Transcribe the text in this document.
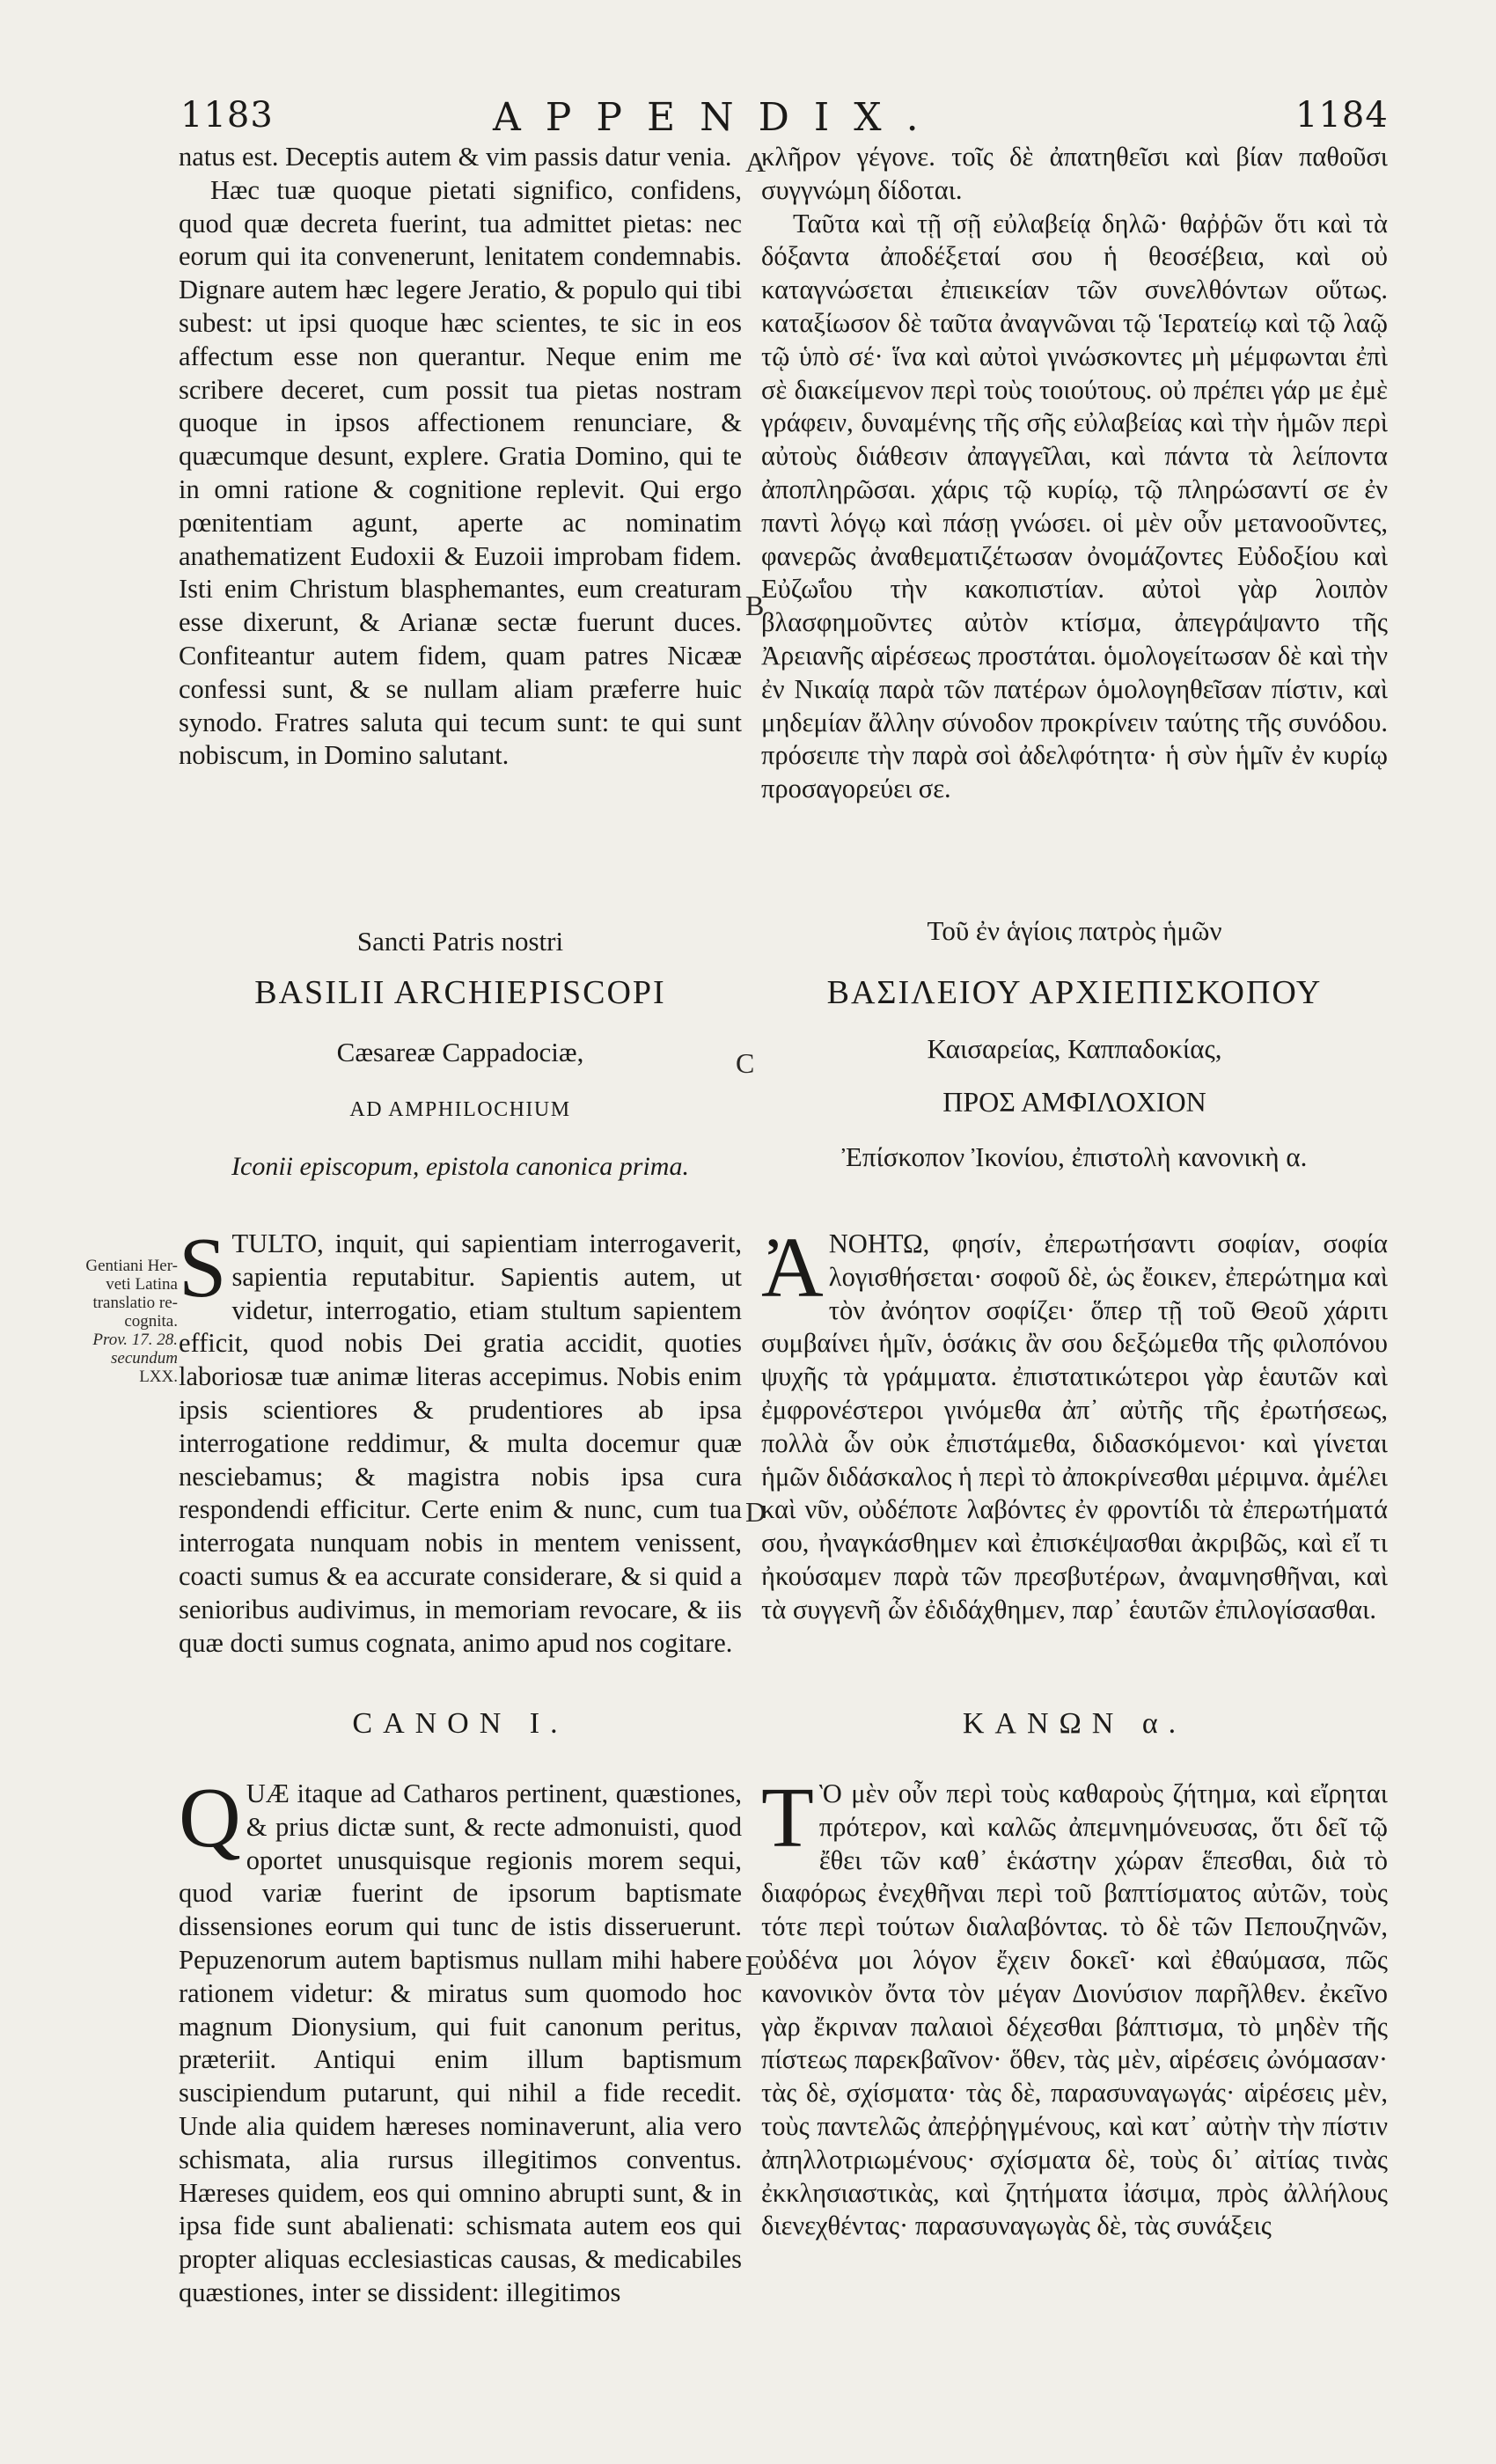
1183	APPENDIX.	1184
A
B
C
D
E

natus est. Deceptis autem & vim passis datur venia.

Hæc tuæ quoque pietati significo, confidens, quod quæ decreta fuerint, tua admittet pietas: nec eorum qui ita convenerunt, lenitatem condemnabis. Dignare autem hæc legere Jeratio, & populo qui tibi subest: ut ipsi quoque hæc scientes, te sic in eos affectum esse non querantur. Neque enim me scribere deceret, cum possit tua pietas nostram quoque in ipsos affectionem renunciare, & quæcumque desunt, explere. Gratia Domino, qui te in omni ratione & cognitione replevit. Qui ergo pœnitentiam agunt, aperte ac nominatim anathematizent Eudoxii & Euzoii improbam fidem. Isti enim Christum blasphemantes, eum creaturam esse dixerunt, & Arianæ sectæ fuerunt duces. Confiteantur autem fidem, quam patres Nicææ confessi sunt, & se nullam aliam præferre huic synodo. Fratres saluta qui tecum sunt: te qui sunt nobiscum, in Domino salutant.

κλῆρον γέγονε. τοῖς δὲ ἀπατηθεῖσι καὶ βίαν παθοῦσι συγγνώμη δίδοται.

Ταῦτα καὶ τῇ σῇ εὐλαβείᾳ δηλῶ· θαῤῥῶν ὅτι καὶ τὰ δόξαντα ἀποδέξεταί σου ἡ θεοσέβεια, καὶ οὐ καταγνώσεται ἐπιεικείαν τῶν συνελθόντων οὕτως. καταξίωσον δὲ ταῦτα ἀναγνῶναι τῷ Ἱερατείῳ καὶ τῷ λαῷ τῷ ὑπὸ σέ· ἵνα καὶ αὐτοὶ γινώσκοντες μὴ μέμφωνται ἐπὶ σὲ διακείμενον περὶ τοὺς τοιούτους. οὐ πρέπει γάρ με ἐμὲ γράφειν, δυναμένης τῆς σῆς εὐλαβείας καὶ τὴν ἡμῶν περὶ αὐτοὺς διάθεσιν ἀπαγγεῖλαι, καὶ πάντα τὰ λείποντα ἀποπληρῶσαι. χάρις τῷ κυρίῳ, τῷ πληρώσαντί σε ἐν παντὶ λόγῳ καὶ πάσῃ γνώσει. οἱ μὲν οὖν μετανοοῦντες, φανερῶς ἀναθεματιζέτωσαν ὀνομάζοντες Εὐδοξίου καὶ Εὐζωΐου τὴν κακοπιστίαν. αὐτοὶ γὰρ λοιπὸν βλασφημοῦντες αὐτὸν κτίσμα, ἀπεγράψαντο τῆς Ἀρειανῆς αἱρέσεως προστάται. ὁμολογείτωσαν δὲ καὶ τὴν ἐν Νικαίᾳ παρὰ τῶν πατέρων ὁμολογηθεῖσαν πίστιν, καὶ μηδεμίαν ἄλλην σύνοδον προκρίνειν ταύτης τῆς συνόδου. πρόσειπε τὴν παρὰ σοὶ ἀδελφότητα· ἡ σὺν ἡμῖν ἐν κυρίῳ προσαγορεύει σε.

Sancti Patris nostri
BASILII ARCHIEPISCOPI
Cæsareæ Cappadociæ,
AD AMPHILOCHIUM
Iconii episcopum, epistola canonica prima.
Τοῦ ἐν ἁγίοις πατρὸς ἡμῶν
ΒΑΣΙΛΕΙΟΥ ΑΡΧΙΕΠΙΣΚΟΠΟΥ
Καισαρείας, Καππαδοκίας,
ΠΡΟΣ ΑΜΦΙΛΟΧΙΟΝ
Ἐπίσκοπον Ἰκονίου, ἐπιστολὴ κανονικὴ α.
Gentiani Her-
veti Latina
translatio re-
cognita.
Prov. 17. 28.
secundum
LXX.
S TULTO, inquit, qui sapientiam interrogaverit, sapientia reputabitur. Sapientis autem, ut videtur, interrogatio, etiam stultum sapientem efficit, quod nobis Dei gratia accidit, quoties laboriosæ tuæ animæ literas accepimus. Nobis enim ipsis scientiores & prudentiores ab ipsa interrogatione reddimur, & multa docemur quæ nesciebamus; & magistra nobis ipsa cura respondendi efficitur. Certe enim & nunc, cum tua interrogata nunquam nobis in mentem venissent, coacti sumus & ea accurate considerare, & si quid a senioribus audivimus, in memoriam revocare, & iis quæ docti sumus cognata, animo apud nos cogitare.
Ἀ ΝΟΗΤΩ, φησίν, ἐπερωτήσαντι σοφίαν, σοφία λογισθήσεται· σοφοῦ δὲ, ὡς ἔοικεν, ἐπερώτημα καὶ τὸν ἀνόητον σοφίζει· ὅπερ τῇ τοῦ Θεοῦ χάριτι συμβαίνει ἡμῖν, ὁσάκις ἂν σου δεξώμεθα τῆς φιλοπόνου ψυχῆς τὰ γράμματα. ἐπιστατικώτεροι γὰρ ἑαυτῶν καὶ ἐμφρονέστεροι γινόμεθα ἀπ᾽ αὐτῆς τῆς ἐρωτήσεως, πολλὰ ὧν οὐκ ἐπιστάμεθα, διδασκόμενοι· καὶ γίνεται ἡμῶν διδάσκαλος ἡ περὶ τὸ ἀποκρίνεσθαι μέριμνα. ἀμέλει καὶ νῦν, οὐδέποτε λαβόντες ἐν φροντίδι τὰ ἐπερωτήματά σου, ἠναγκάσθημεν καὶ ἐπισκέψασθαι ἀκριβῶς, καὶ εἴ τι ἠκούσαμεν παρὰ τῶν πρεσβυτέρων, ἀναμνησθῆναι, καὶ τὰ συγγενῆ ὧν ἐδιδάχθημεν, παρ᾽ ἑαυτῶν ἐπιλογίσασθαι.
CANON I.	ΚΑΝΩΝ α.
Q UÆ itaque ad Catharos pertinent, quæstiones, & prius dictæ sunt, & recte admonuisti, quod oportet unusquisque regionis morem sequi, quod variæ fuerint de ipsorum baptismate dissensiones eorum qui tunc de istis disseruerunt. Pepuzenorum autem baptismus nullam mihi habere rationem videtur: & miratus sum quomodo hoc magnum Dionysium, qui fuit canonum peritus, præteriit. Antiqui enim illum baptismum suscipiendum putarunt, qui nihil a fide recedit. Unde alia quidem hæreses nominaverunt, alia vero schismata, alia rursus illegitimos conventus. Hæreses quidem, eos qui omnino abrupti sunt, & in ipsa fide sunt abalienati: schismata autem eos qui propter aliquas ecclesiasticas causas, & medicabiles quæstiones, inter se dissident: illegitimos
Τ Ὸ μὲν οὖν περὶ τοὺς καθαροὺς ζήτημα, καὶ εἴρηται πρότερον, καὶ καλῶς ἀπεμνημόνευσας, ὅτι δεῖ τῷ ἔθει τῶν καθ᾽ ἑκάστην χώραν ἕπεσθαι, διὰ τὸ διαφόρως ἐνεχθῆναι περὶ τοῦ βαπτίσματος αὐτῶν, τοὺς τότε περὶ τούτων διαλαβόντας. τὸ δὲ τῶν Πεπουζηνῶν, οὐδένα μοι λόγον ἔχειν δοκεῖ· καὶ ἐθαύμασα, πῶς κανονικὸν ὄντα τὸν μέγαν Διονύσιον παρῆλθεν. ἐκεῖνο γὰρ ἔκριναν παλαιοὶ δέχεσθαι βάπτισμα, τὸ μηδὲν τῆς πίστεως παρεκβαῖνον· ὅθεν, τὰς μὲν, αἱρέσεις ὠνόμασαν· τὰς δὲ, σχίσματα· τὰς δὲ, παρασυναγωγάς· αἱρέσεις μὲν, τοὺς παντελῶς ἀπεῤῥηγμένους, καὶ κατ᾽ αὐτὴν τὴν πίστιν ἀπηλλοτριωμένους· σχίσματα δὲ, τοὺς δι᾽ αἰτίας τινὰς ἐκκλησιαστικὰς, καὶ ζητήματα ἰάσιμα, πρὸς ἀλλήλους διενεχθέντας· παρασυναγωγὰς δὲ, τὰς συνάξεις
